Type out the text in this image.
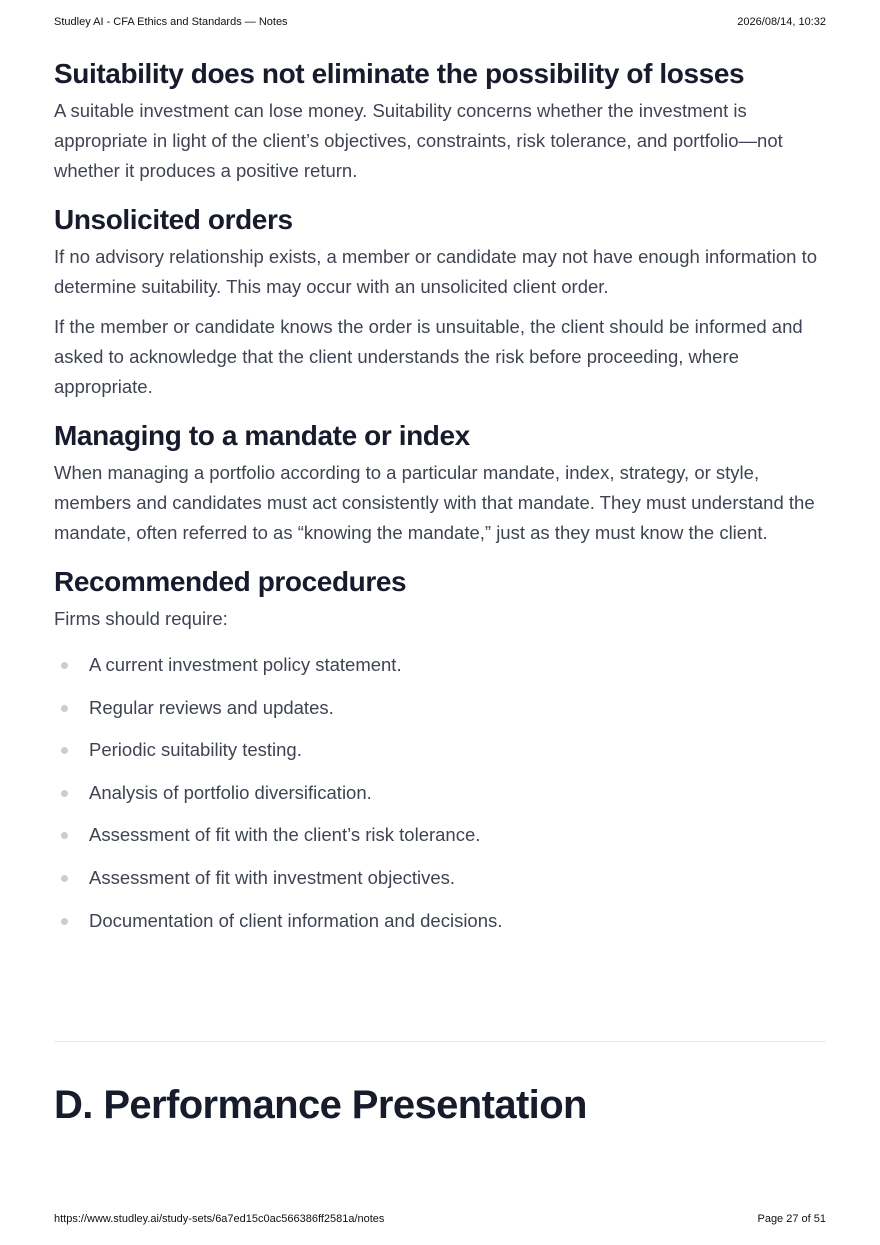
Studley AI - CFA Ethics and Standards — Notes	2026/08/14, 10:32
Suitability does not eliminate the possibility of losses

A suitable investment can lose money. Suitability concerns whether the investment is appropriate in light of the client’s objectives, constraints, risk tolerance, and portfolio—not whether it produces a positive return.

Unsolicited orders

If no advisory relationship exists, a member or candidate may not have enough information to determine suitability. This may occur with an unsolicited client order.

If the member or candidate knows the order is unsuitable, the client should be informed and asked to acknowledge that the client understands the risk before proceeding, where appropriate.

Managing to a mandate or index

When managing a portfolio according to a particular mandate, index, strategy, or style, members and candidates must act consistently with that mandate. They must understand the mandate, often referred to as “knowing the mandate,” just as they must know the client.

Recommended procedures

Firms should require:

A current investment policy statement.
Regular reviews and updates.
Periodic suitability testing.
Analysis of portfolio diversification.
Assessment of fit with the client’s risk tolerance.
Assessment of fit with investment objectives.
Documentation of client information and decisions.
D. Performance Presentation
https://www.studley.ai/study-sets/6a7ed15c0ac566386ff2581a/notes	Page 27 of 51
